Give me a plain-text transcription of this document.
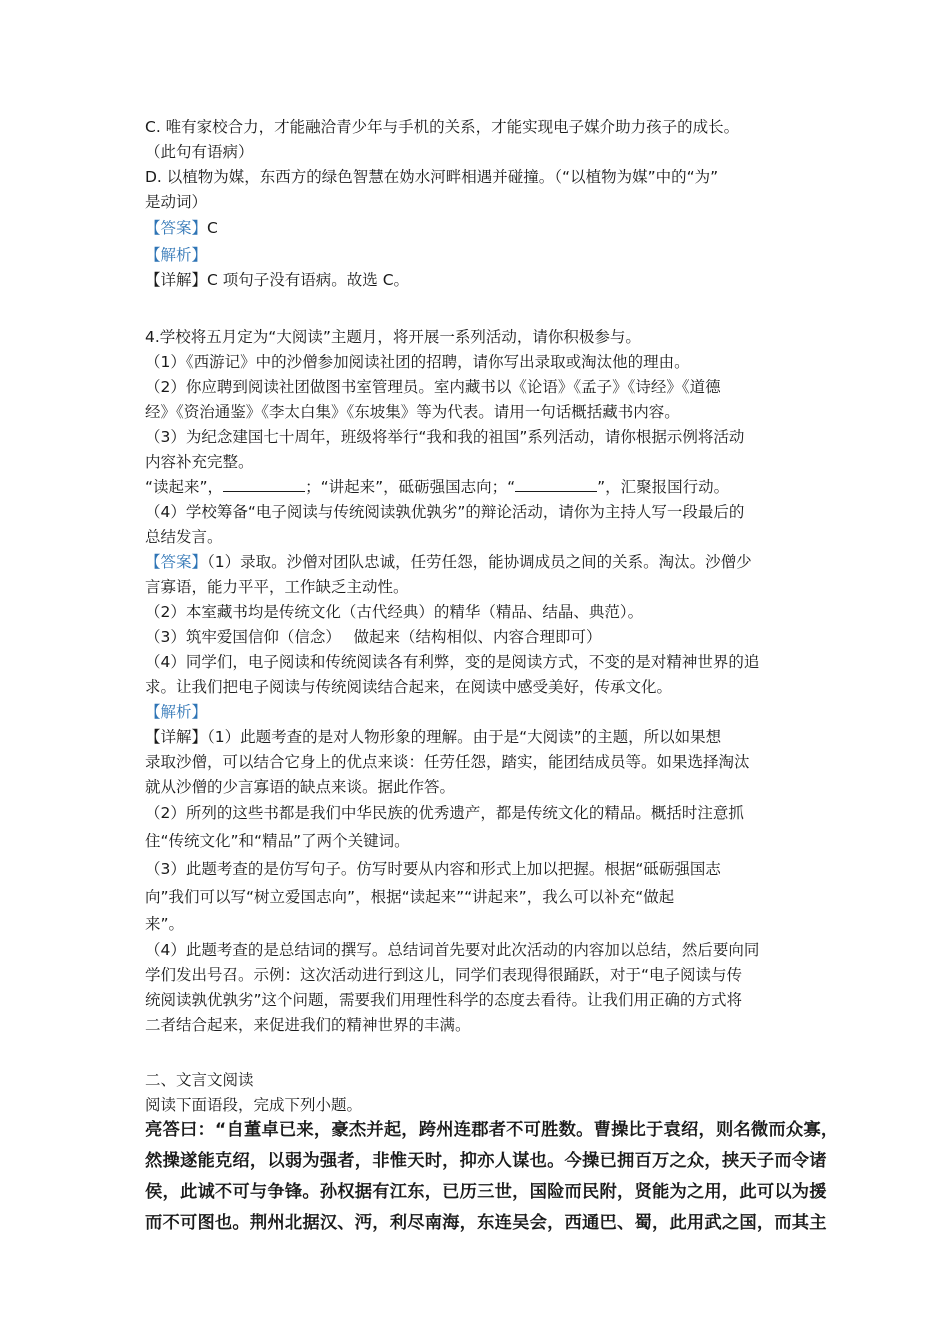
C. 唯有家校合力，才能融洽青少年与手机的关系，才能实现电子媒介助力孩子的成长。
（此句有语病）
D. 以植物为媒，东西方的绿色智慧在妫水河畔相遇并碰撞。（“以植物为媒”中的“为”
是动词）
【答案】C
【解析】
【详解】C 项句子没有语病。故选 C。
4.学校将五月定为“大阅读”主题月，将开展一系列活动，请你积极参与。
（1）《西游记》中的沙僧参加阅读社团的招聘，请你写出录取或淘汰他的理由。
（2）你应聘到阅读社团做图书室管理员。室内藏书以《论语》《孟子》《诗经》《道德
经》《资治通鉴》《李太白集》《东坡集》等为代表。请用一句话概括藏书内容。
（3）为纪念建国七十周年，班级将举行“我和我的祖国”系列活动，请你根据示例将活动
内容补充完整。
“读起来”，	；“讲起来”，砥砺强国志向；“	”，汇聚报国行动。
（4）学校筹备“电子阅读与传统阅读孰优孰劣”的辩论活动，请你为主持人写一段最后的
总结发言。
【答案】（1）录取。沙僧对团队忠诚，任劳任怨，能协调成员之间的关系。淘汰。沙僧少
言寡语，能力平平，工作缺乏主动性。
（2）本室藏书均是传统文化（古代经典）的精华（精品、结晶、典范）。
（3）筑牢爱国信仰（信念）　 做起来（结构相似、内容合理即可）
（4）同学们，电子阅读和传统阅读各有利弊，变的是阅读方式，不变的是对精神世界的追
求。让我们把电子阅读与传统阅读结合起来，在阅读中感受美好，传承文化。
【解析】
【详解】（1）此题考查的是对人物形象的理解。由于是“大阅读”的主题，所以如果想
录取沙僧，可以结合它身上的优点来谈：任劳任怨，踏实，能团结成员等。如果选择淘汰
就从沙僧的少言寡语的缺点来谈。据此作答。
（2）所列的这些书都是我们中华民族的优秀遗产，都是传统文化的精品。概括时注意抓
住“传统文化”和“精品”了两个关键词。
（3）此题考查的是仿写句子。仿写时要从内容和形式上加以把握。根据“砥砺强国志
向”我们可以写“树立爱国志向”，根据“读起来”“讲起来”，我么可以补充“做起
来”。
（4）此题考查的是总结词的撰写。总结词首先要对此次活动的内容加以总结，然后要向同
学们发出号召。示例：这次活动进行到这儿，同学们表现得很踊跃，对于“电子阅读与传
统阅读孰优孰劣”这个问题，需要我们用理性科学的态度去看待。让我们用正确的方式将
二者结合起来，来促进我们的精神世界的丰满。
二、文言文阅读
阅读下面语段，完成下列小题。
亮答曰：“自董卓已来，豪杰并起，跨州连郡者不可胜数。曹操比于袁绍，则名微而众寡，
然操遂能克绍，以弱为强者，非惟天时，抑亦人谋也。今操已拥百万之众，挟天子而令诸
侯，此诚不可与争锋。孙权据有江东，已历三世，国险而民附，贤能为之用，此可以为援
而不可图也。荆州北据汉、沔，利尽南海，东连吴会，西通巴、蜀，此用武之国，而其主
